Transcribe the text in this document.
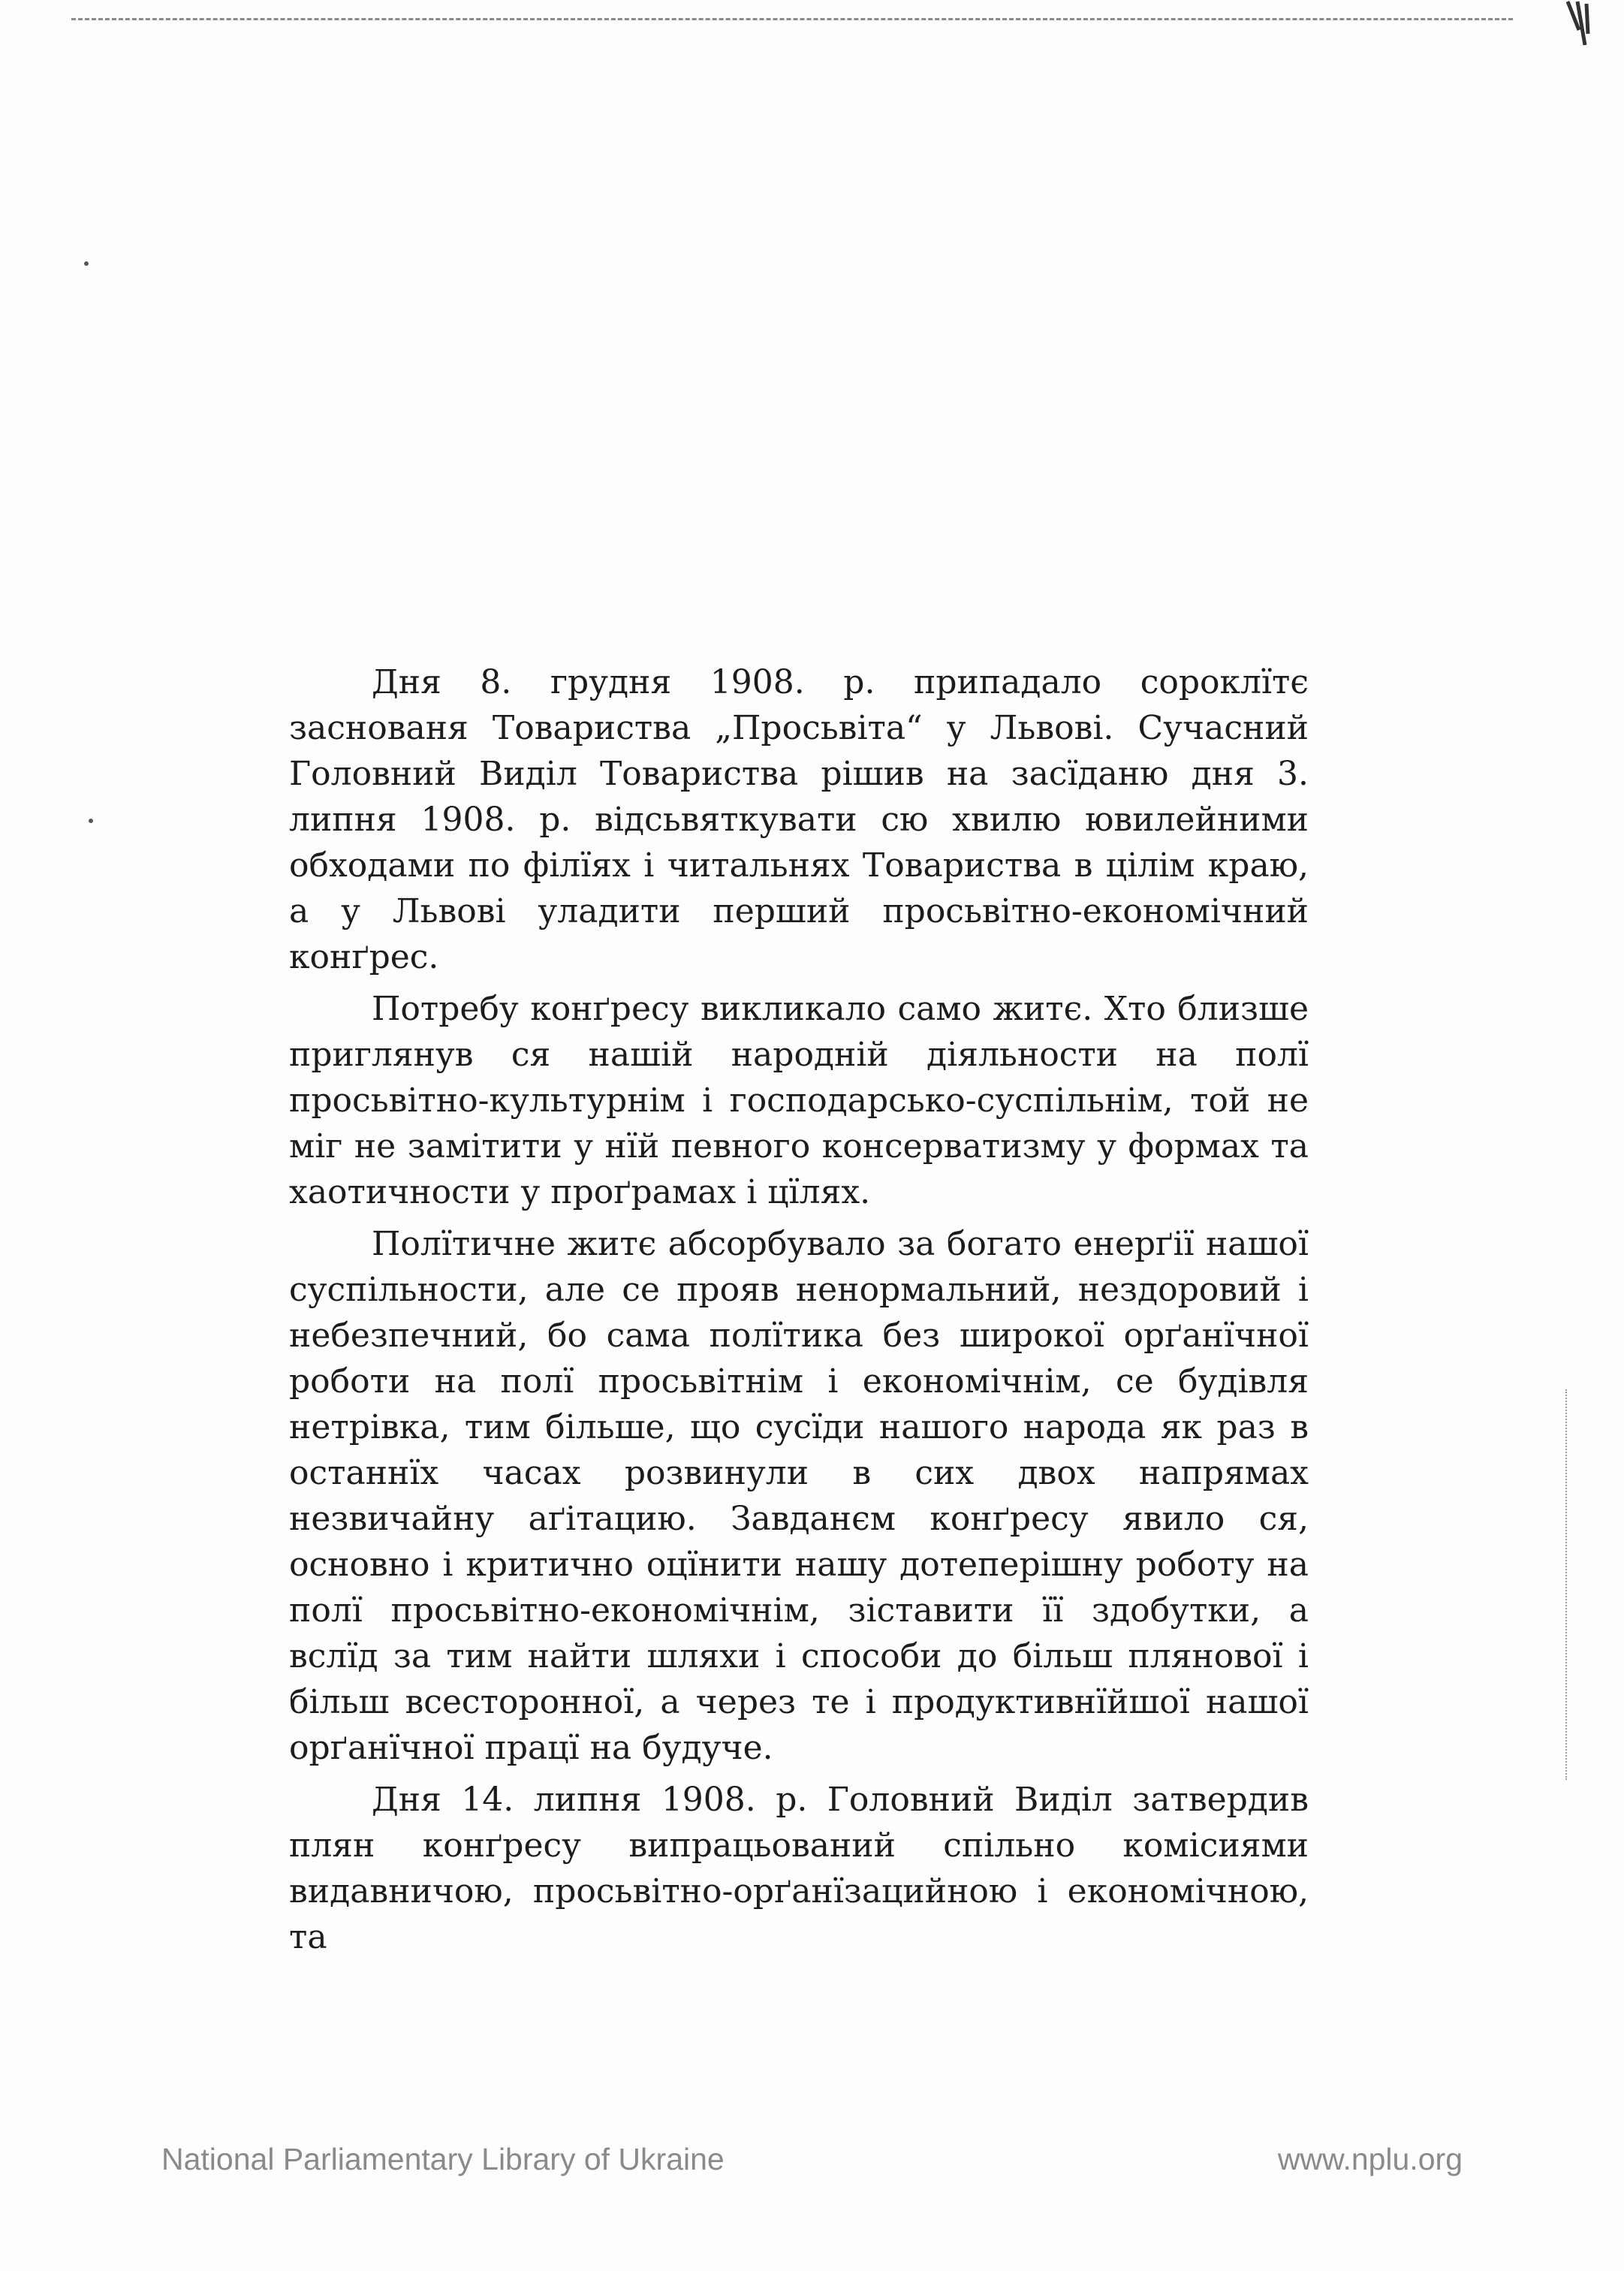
Дня 8. грудня 1908. р. припадало сороклїтє заснованя Товариства „Просьвіта“ у Львові. Сучасний Головний Виділ Товариства рішив на засїданю дня 3. липня 1908. р. відсьвяткувати сю хвилю ювилейними обходами по філїях і читальнях Товариства в цілім краю, а у Львові уладити перший просьвітно-економічний конґрес.

Потребу конґресу викликало само житє. Хто близше приглянув ся нашій народній діяльности на полї просьвітно-культурнім і господарсько-суспільнім, той не міг не замітити у нїй певного консерватизму у формах та хаотичности у проґрамах і цїлях.

Полїтичне житє абсорбувало за богато енерґії нашої суспільности, але се прояв ненормальний, нездоровий і небезпечний, бо сама полїтика без широкої орґанїчної роботи на полї просьвітнім і економічнім, се будівля нетрівка, тим більше, що сусїди нашого народа як раз в останнїх часах розвинули в сих двох напрямах незвичайну аґітацию. Завданєм конґресу явило ся, основно і критично оцїнити нашу дотеперішну роботу на полї просьвітно-економічнім, зіставити її здобутки, а вслїд за тим найти шляхи і способи до більш плянової і більш всесторонної, а через те і продуктивнїйшої нашої орґанїчної працї на будуче.

Дня 14. липня 1908. р. Головний Виділ затвердив плян конґресу випрацьований спільно комісиями видавничою, просьвітно-орґанїзацийною і економічною, та

National Parliamentary Library of Ukraine	www.nplu.org
